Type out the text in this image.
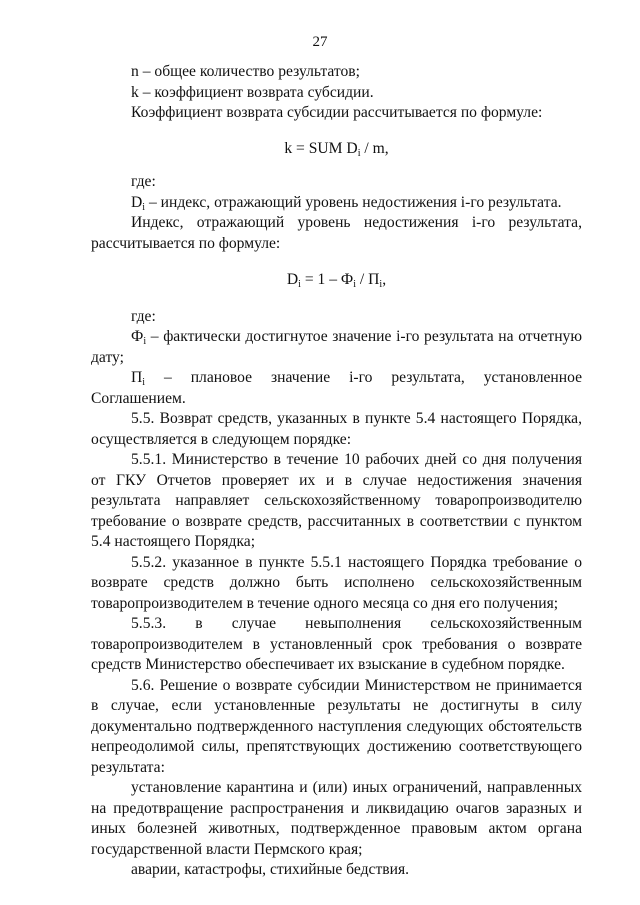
27

n – общее количество результатов;

k – коэффициент возврата субсидии.

Коэффициент возврата субсидии рассчитывается по формуле:

k = SUM $D_i$ / m,

где:

$D_i$ – индекс, отражающий уровень недостижения i-го результата.

Индекс, отражающий уровень недостижения i-го результата, рассчитывается по формуле:

$D_i = 1 - Ф_i / П_i$,

где:

$Ф_i$ – фактически достигнутое значение i-го результата на отчетную дату;

$П_i$ – плановое значение i-го результата, установленное Соглашением.

5.5. Возврат средств, указанных в пункте 5.4 настоящего Порядка, осуществляется в следующем порядке:

5.5.1. Министерство в течение 10 рабочих дней со дня получения от ГКУ Отчетов проверяет их и в случае недостижения значения результата направляет сельскохозяйственному товаропроизводителю требование о возврате средств, рассчитанных в соответствии с пунктом 5.4 настоящего Порядка;

5.5.2. указанное в пункте 5.5.1 настоящего Порядка требование о возврате средств должно быть исполнено сельскохозяйственным товаропроизводителем в течение одного месяца со дня его получения;

5.5.3. в случае невыполнения сельскохозяйственным товаропроизводителем в установленный срок требования о возврате средств Министерство обеспечивает их взыскание в судебном порядке.

5.6. Решение о возврате субсидии Министерством не принимается в случае, если установленные результаты не достигнуты в силу документально подтвержденного наступления следующих обстоятельств непреодолимой силы, препятствующих достижению соответствующего результата:

установление карантина и (или) иных ограничений, направленных на предотвращение распространения и ликвидацию очагов заразных и иных болезней животных, подтвержденное правовым актом органа государственной власти Пермского края;

аварии, катастрофы, стихийные бедствия.
